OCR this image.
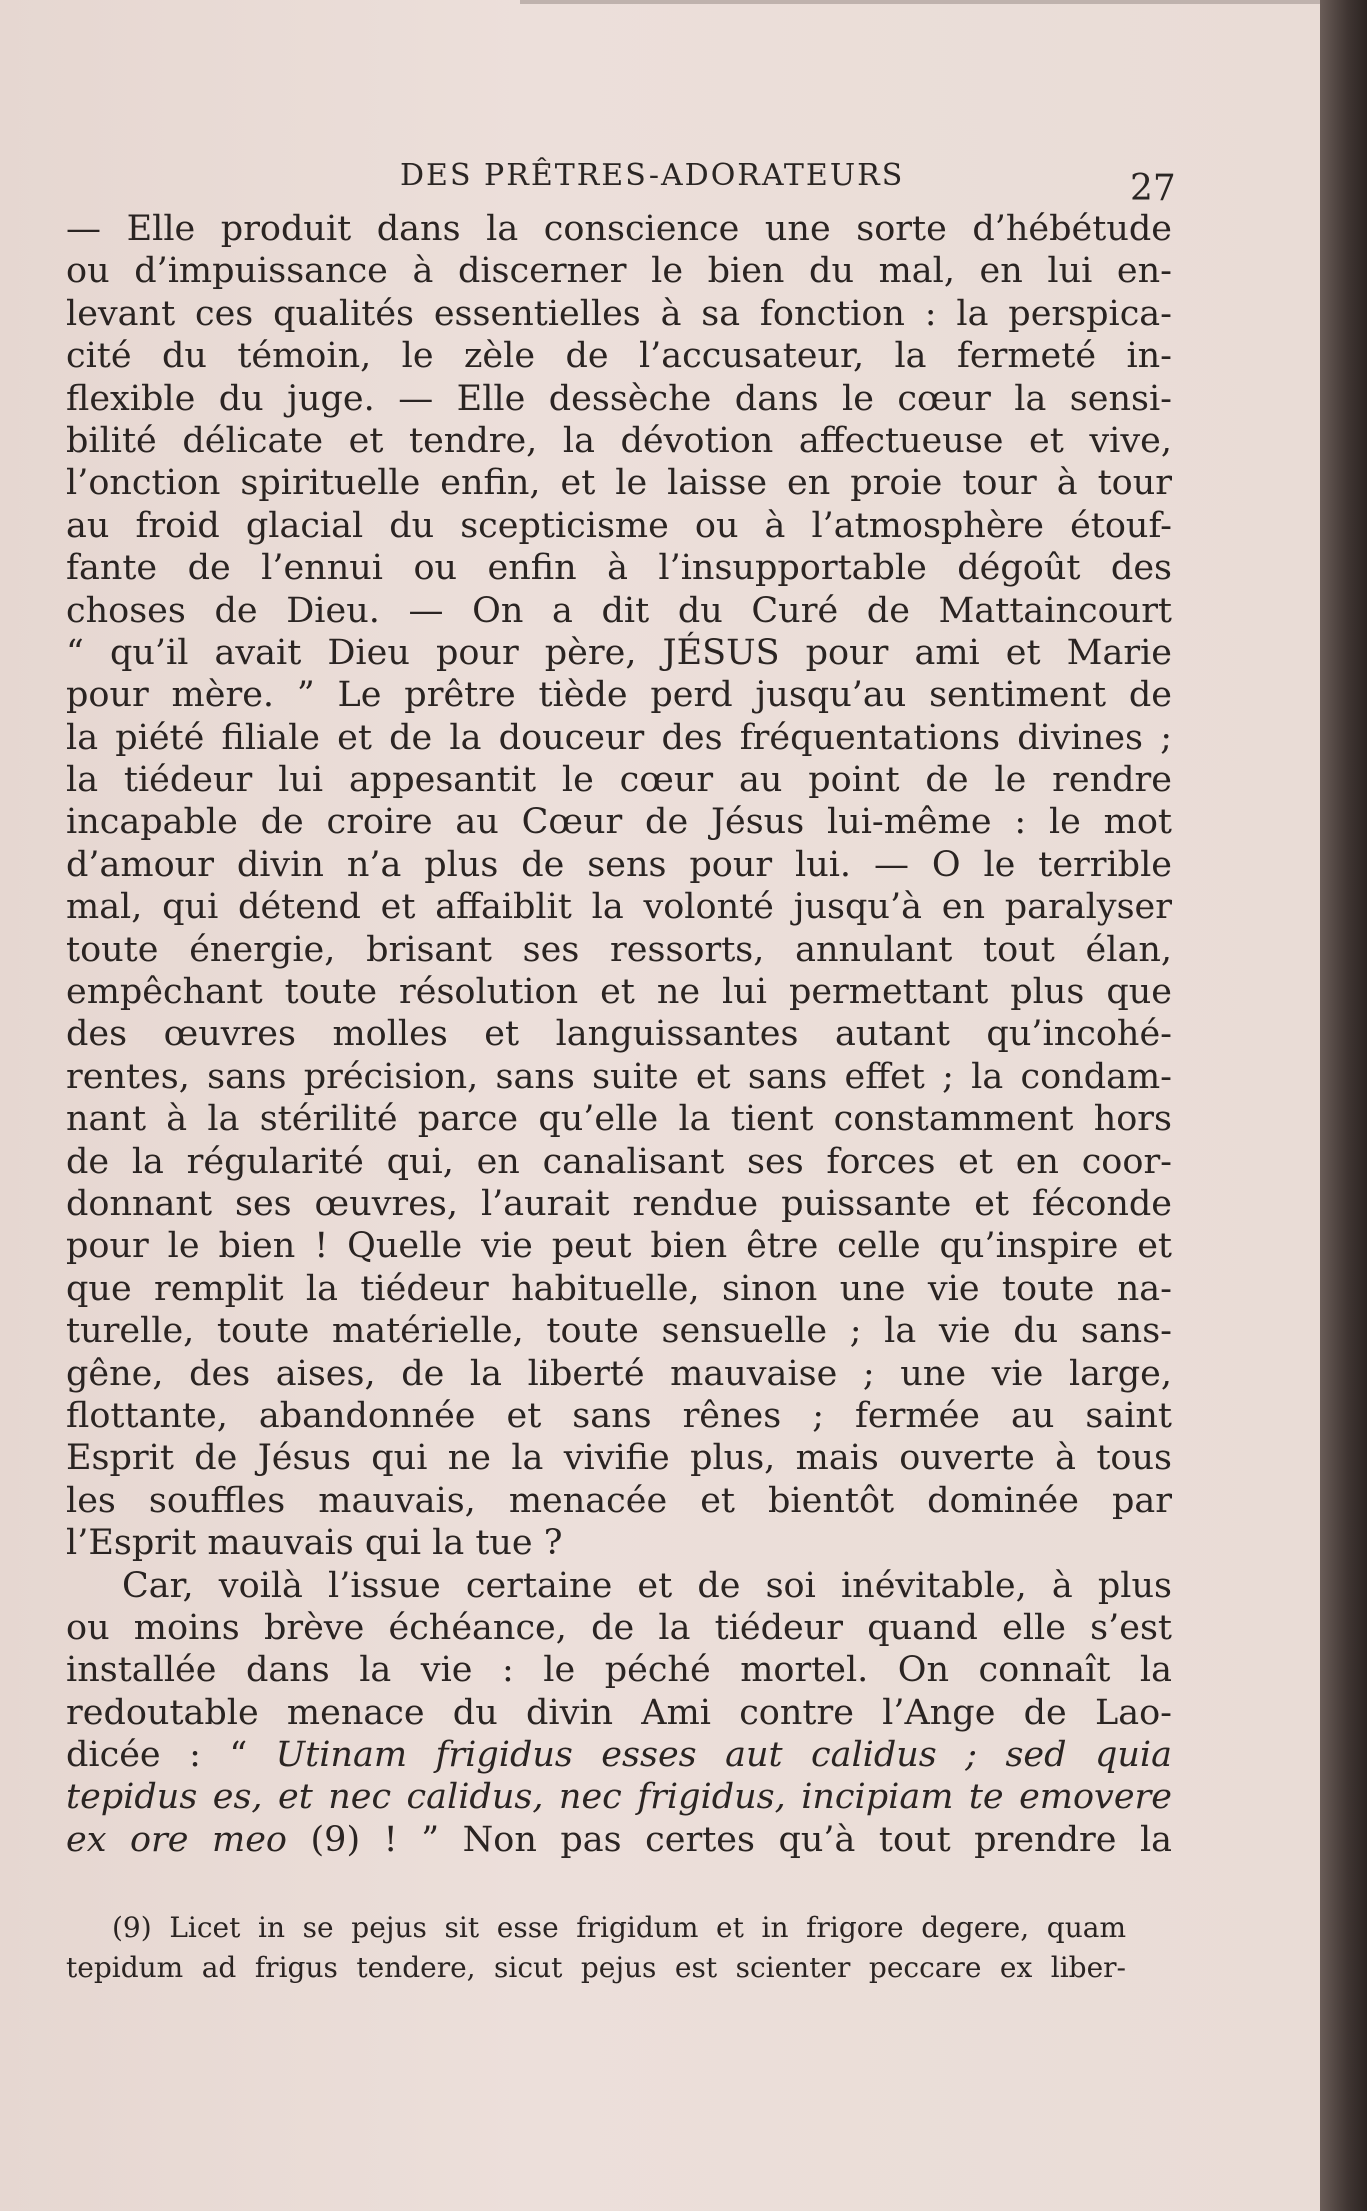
DES PRÊTRES-ADORATEURS	27
— Elle produit dans la conscience une sorte d’hébétude
ou d’impuissance à discerner le bien du mal, en lui en-
levant ces qualités essentielles à sa fonction : la perspica-
cité du témoin, le zèle de l’accusateur, la fermeté in-
flexible du juge. — Elle dessèche dans le cœur la sensi-
bilité délicate et tendre, la dévotion affectueuse et vive,
l’onction spirituelle enfin, et le laisse en proie tour à tour
au froid glacial du scepticisme ou à l’atmosphère étouf-
fante de l’ennui ou enfin à l’insupportable dégoût des
choses de Dieu. — On a dit du Curé de Mattaincourt
“ qu’il avait Dieu pour père, JÉSUS pour ami et Marie
pour mère. ” Le prêtre tiède perd jusqu’au sentiment de
la piété filiale et de la douceur des fréquentations divines ;
la tiédeur lui appesantit le cœur au point de le rendre
incapable de croire au Cœur de Jésus lui-même : le mot
d’amour divin n’a plus de sens pour lui. — O le terrible
mal, qui détend et affaiblit la volonté jusqu’à en paralyser
toute énergie, brisant ses ressorts, annulant tout élan,
empêchant toute résolution et ne lui permettant plus que
des œuvres molles et languissantes autant qu’incohé-
rentes, sans précision, sans suite et sans effet ; la condam-
nant à la stérilité parce qu’elle la tient constamment hors
de la régularité qui, en canalisant ses forces et en coor-
donnant ses œuvres, l’aurait rendue puissante et féconde
pour le bien ! Quelle vie peut bien être celle qu’inspire et
que remplit la tiédeur habituelle, sinon une vie toute na-
turelle, toute matérielle, toute sensuelle ; la vie du sans-
gêne, des aises, de la liberté mauvaise ; une vie large,
flottante, abandonnée et sans rênes ; fermée au saint
Esprit de Jésus qui ne la vivifie plus, mais ouverte à tous
les souffles mauvais, menacée et bientôt dominée par
l’Esprit mauvais qui la tue ?
Car, voilà l’issue certaine et de soi inévitable, à plus
ou moins brève échéance, de la tiédeur quand elle s’est
installée dans la vie : le péché mortel. On connaît la
redoutable menace du divin Ami contre l’Ange de Lao-
dicée : “ Utinam frigidus esses aut calidus ; sed quia
tepidus es, et nec calidus, nec frigidus, incipiam te emovere
ex ore meo (9) ! ” Non pas certes qu’à tout prendre la
(9) Licet in se pejus sit esse frigidum et in frigore degere, quam
tepidum ad frigus tendere, sicut pejus est scienter peccare ex liber-
